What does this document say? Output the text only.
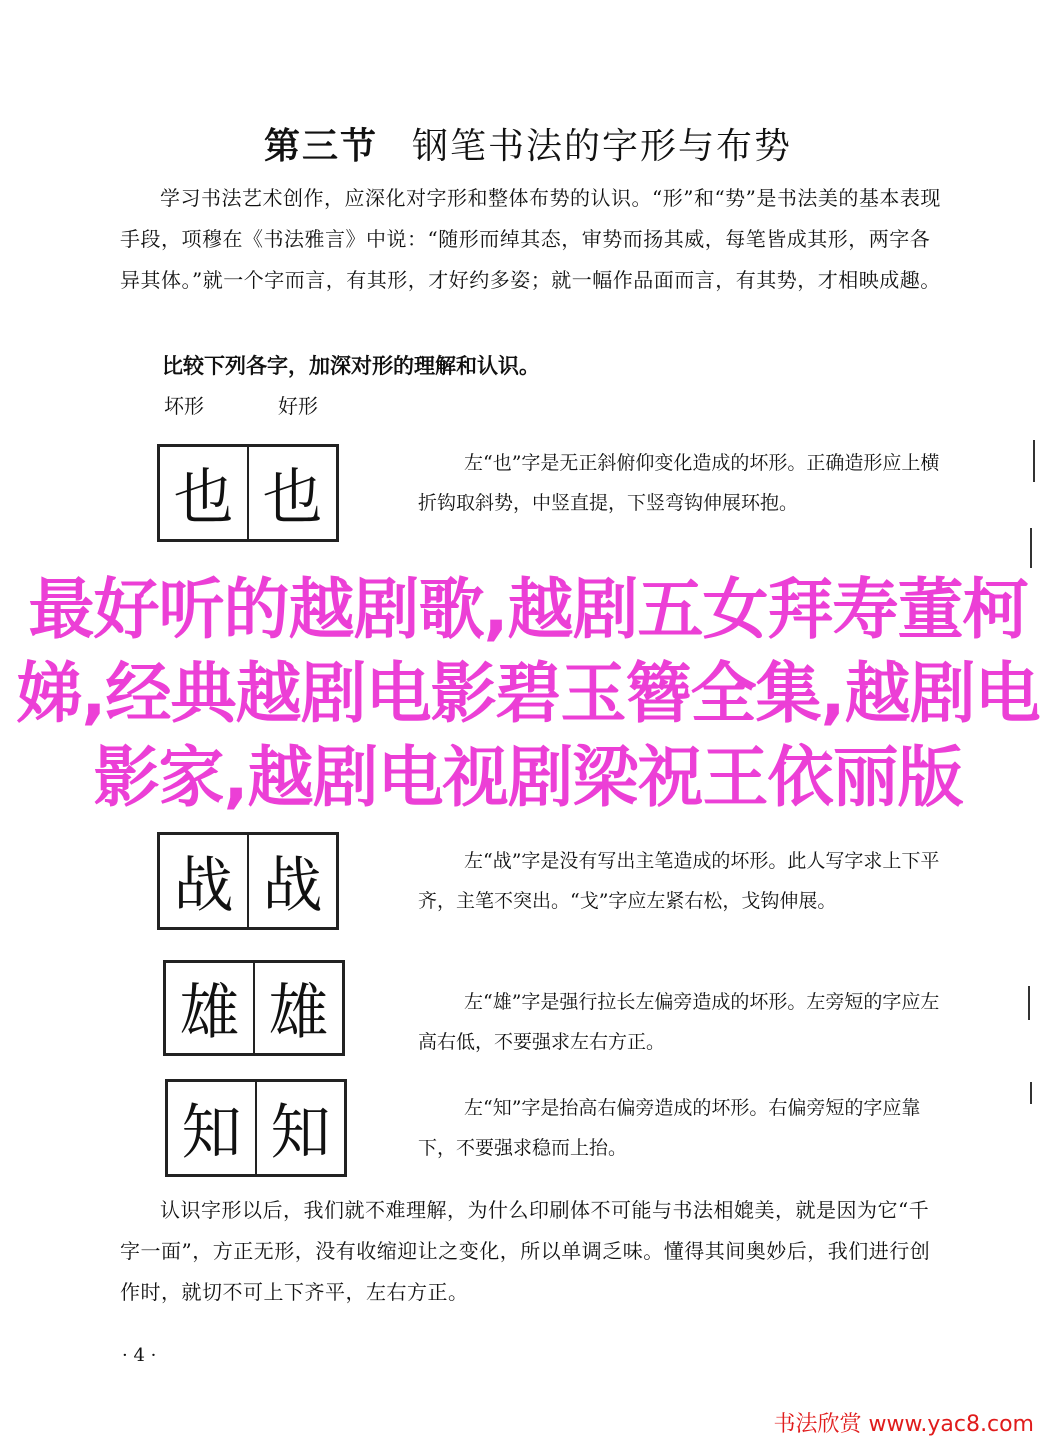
第三节 钢笔书法的字形与布势
学习书法艺术创作，应深化对字形和整体布势的认识。“形”和“势”是书法美的基本表现手段，项穆在《书法雅言》中说：“随形而绰其态，审势而扬其威，每笔皆成其形，两字各异其体。”就一个字而言，有其形，才好约多姿；就一幅作品面而言，有其势，才相映成趣。
比较下列各字，加深对形的理解和认识。
坏形	好形
也 也	左“也”字是无正斜俯仰变化造成的坏形。正确造形应上横折钩取斜势，中竖直提，下竖弯钩伸展环抱。
战 战	左“战”字是没有写出主笔造成的坏形。此人写字求上下平齐，主笔不突出。“戈”字应左紧右松，戈钩伸展。
雄 雄	左“雄”字是强行拉长左偏旁造成的坏形。左旁短的字应左高右低，不要强求左右方正。
知 知	左“知”字是抬高右偏旁造成的坏形。右偏旁短的字应靠下，不要强求稳而上抬。
认识字形以后，我们就不难理解，为什么印刷体不可能与书法相媲美，就是因为它“千字一面”，方正无形，没有收缩迎让之变化，所以单调乏味。懂得其间奥妙后，我们进行创作时，就切不可上下齐平，左右方正。
· 4 ·
最好听的越剧歌,越剧五女拜寿董柯娣,经典越剧电影碧玉簪全集,越剧电影家,越剧电视剧梁祝王依丽版
书法欣赏 www.yac8.com
